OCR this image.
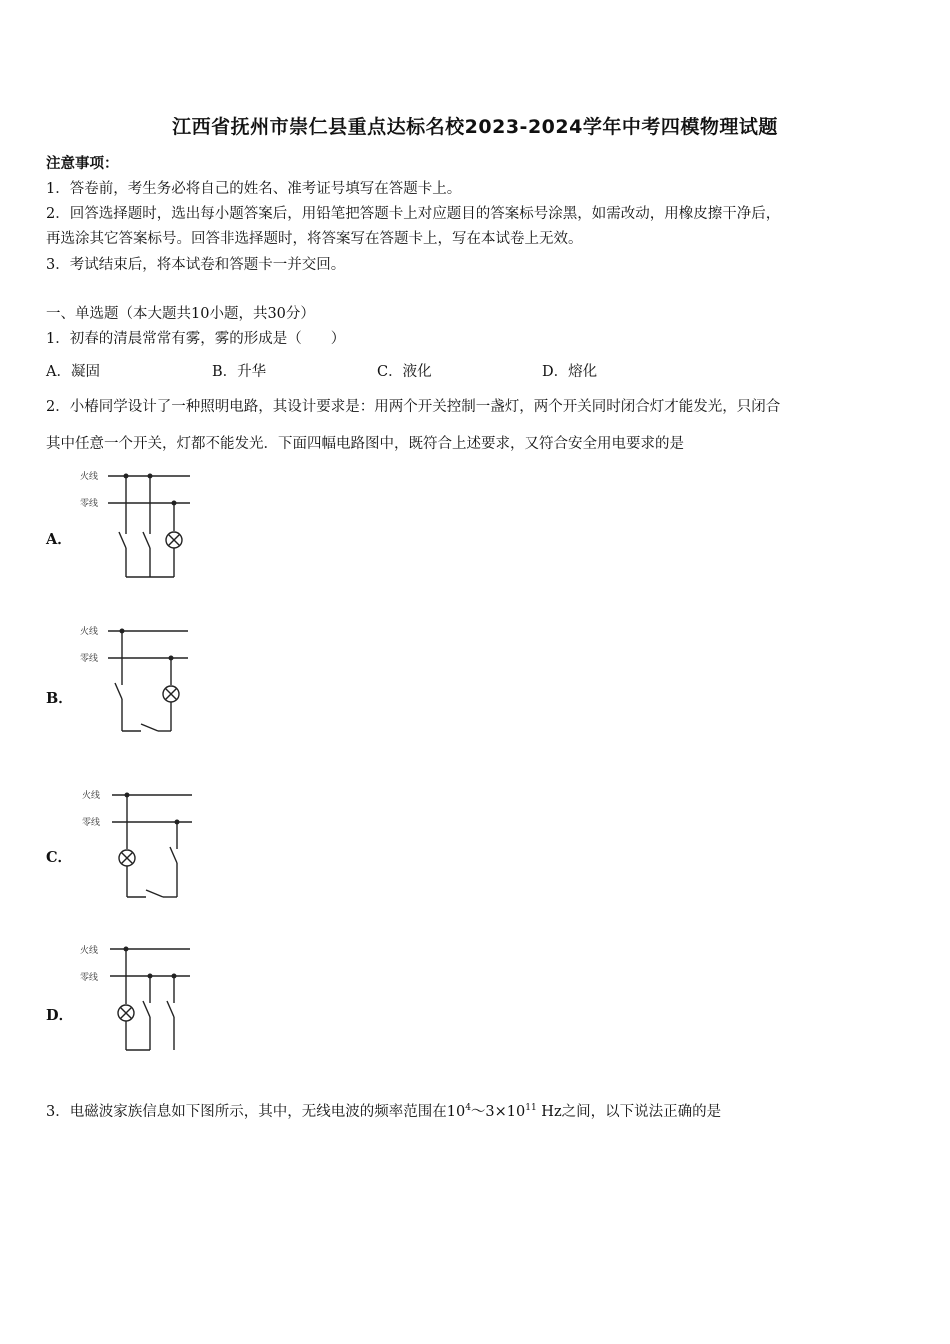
江西省抚州市崇仁县重点达标名校2023-2024学年中考四模物理试题
注意事项：
1．答卷前，考生务必将自己的姓名、准考证号填写在答题卡上。
2．回答选择题时，选出每小题答案后，用铅笔把答题卡上对应题目的答案标号涂黑，如需改动，用橡皮擦干净后，
再选涂其它答案标号。回答非选择题时，将答案写在答题卡上，写在本试卷上无效。
3．考试结束后，将本试卷和答题卡一并交回。
一、单选题（本大题共10小题，共30分）
1．初春的清晨常常有雾，雾的形成是（　　）
A．凝固	B．升华	C．液化	D．熔化
2．小椿同学设计了一种照明电路，其设计要求是：用两个开关控制一盏灯，两个开关同时闭合灯才能发光，只闭合
其中任意一个开关，灯都不能发光．下面四幅电路图中，既符合上述要求，又符合安全用电要求的是
A．
火线
零线
B．
火线
零线
C．
火线
零线
D．
火线
零线
3．电磁波家族信息如下图所示，其中，无线电波的频率范围在$10^4\sim 3\times 10^{11}$ Hz之间，以下说法正确的是
